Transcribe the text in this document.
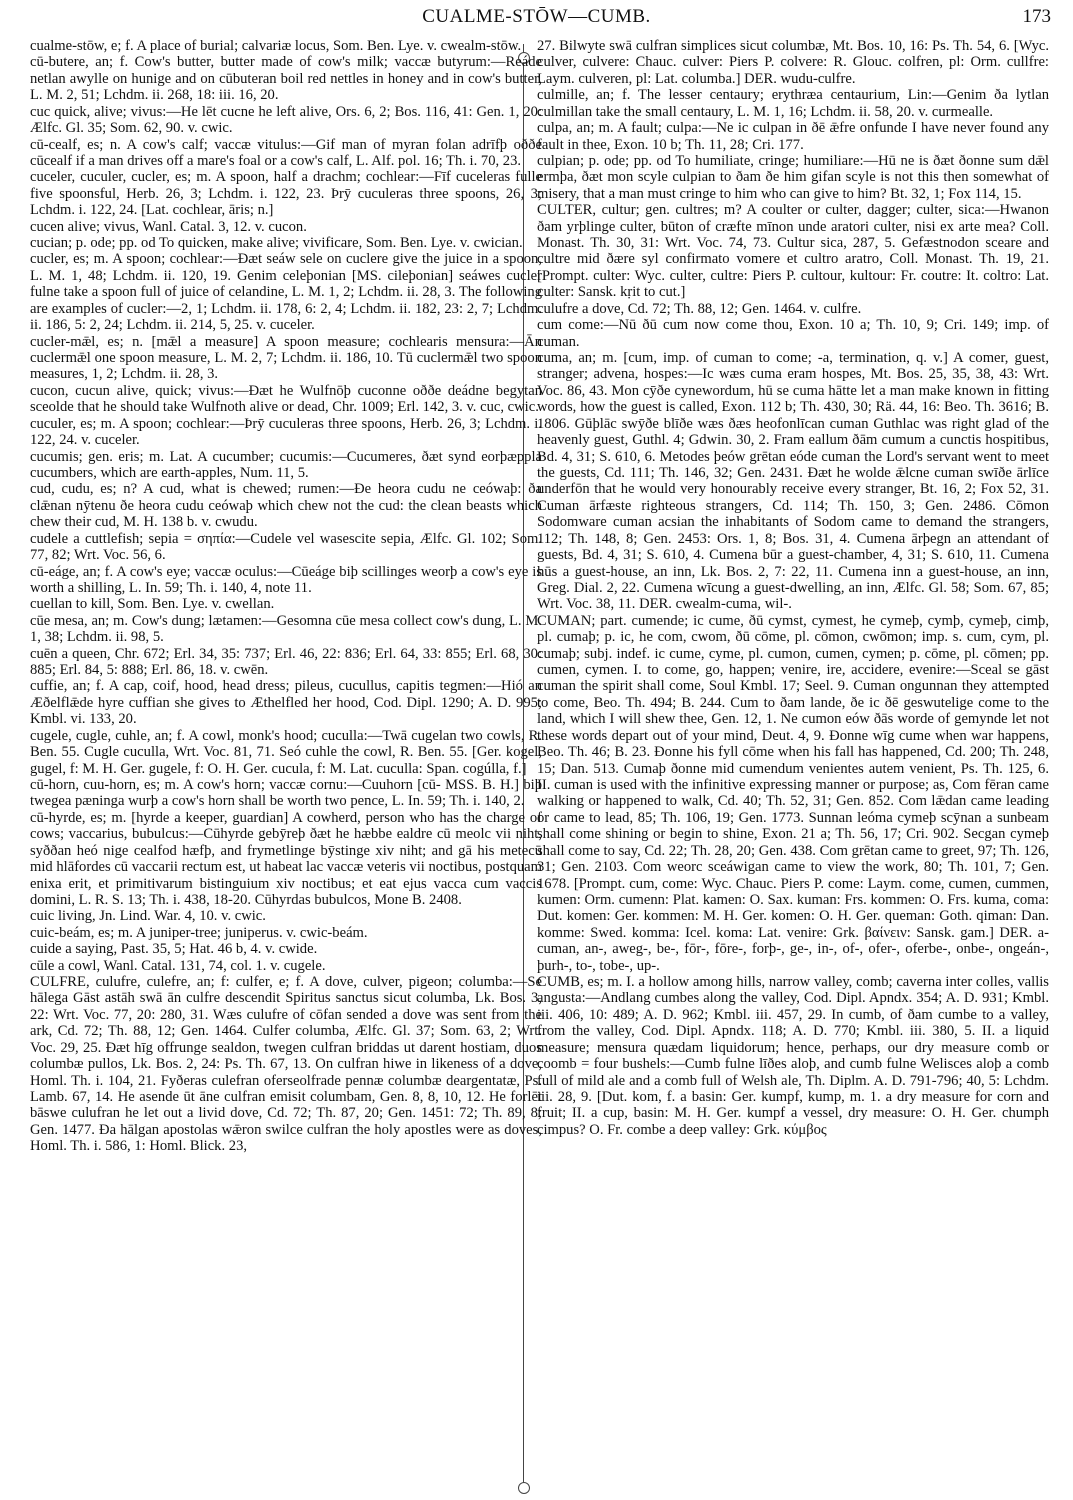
CUALME-STŌW—CUMB.	173

cualme-stōw, e; f. A place of burial; calvariæ locus, Som. Ben. Lye. v. cwealm-stōw.

cū-butere, an; f. Cow's butter, butter made of cow's milk; vaccæ butyrum:—Reáde netlan awylle on hunige and on cūbuteran boil red nettles in honey and in cow's butter, L. M. 2, 51; Lchdm. ii. 268, 18: iii. 16, 20.

cuc quick, alive; vivus:—He lēt cucne he left alive, Ors. 6, 2; Bos. 116, 41: Gen. 1, 20: Ælfc. Gl. 35; Som. 62, 90. v. cwic.

cū-cealf, es; n. A cow's calf; vaccæ vitulus:—Gif man of myran folan adrīfþ oððe cūcealf if a man drives off a mare's foal or a cow's calf, L. Alf. pol. 16; Th. i. 70, 23.

cuceler, cuculer, cucler, es; m. A spoon, half a drachm; cochlear:—Fīf cuceleras fulle five spoonsful, Herb. 26, 3; Lchdm. i. 122, 23. Þrȳ cuculeras three spoons, 26, 3; Lchdm. i. 122, 24. [Lat. cochlear, āris; n.]

cucen alive; vivus, Wanl. Catal. 3, 12. v. cucon.

cucian; p. ode; pp. od To quicken, make alive; vivificare, Som. Ben. Lye. v. cwician.

cucler, es; m. A spoon; cochlear:—Ðæt seáw sele on cuclere give the juice in a spoon, L. M. 1, 48; Lchdm. ii. 120, 19. Genim celeþonian [MS. cileþonian] seáwes cucler fulne take a spoon full of juice of celandine, L. M. 1, 2; Lchdm. ii. 28, 3. The following are examples of cucler:—2, 1; Lchdm. ii. 178, 6: 2, 4; Lchdm. ii. 182, 23: 2, 7; Lchdm. ii. 186, 5: 2, 24; Lchdm. ii. 214, 5, 25. v. cuceler.

cucler-mǣl, es; n. [mǣl a measure] A spoon measure; cochlearis mensura:—Ān cuclermǣl one spoon measure, L. M. 2, 7; Lchdm. ii. 186, 10. Tū cuclermǣl two spoon measures, 1, 2; Lchdm. ii. 28, 3.

cucon, cucun alive, quick; vivus:—Ðæt he Wulfnōþ cuconne oððe deádne begytan sceolde that he should take Wulfnoth alive or dead, Chr. 1009; Erl. 142, 3. v. cuc, cwic.

cuculer, es; m. A spoon; cochlear:—Þrȳ cuculeras three spoons, Herb. 26, 3; Lchdm. i. 122, 24. v. cuceler.

cucumis; gen. eris; m. Lat. A cucumber; cucumis:—Cucumeres, ðæt synd eorþæppla cucumbers, which are earth-apples, Num. 11, 5.

cud, cudu, es; n? A cud, what is chewed; rumen:—Ðe heora cudu ne ceówaþ: ða clǣnan nȳtenu ðe heora cudu ceówaþ which chew not the cud: the clean beasts which chew their cud, M. H. 138 b. v. cwudu.

cudele a cuttlefish; sepia = σηπία:—Cudele vel wasescite sepia, Ælfc. Gl. 102; Som. 77, 82; Wrt. Voc. 56, 6.

cū-eáge, an; f. A cow's eye; vaccæ oculus:—Cūeáge biþ scillinges weorþ a cow's eye is worth a shilling, L. In. 59; Th. i. 140, 4, note 11.

cuellan to kill, Som. Ben. Lye. v. cwellan.

cūe mesa, an; m. Cow's dung; lætamen:—Gesomna cūe mesa collect cow's dung, L. M. 1, 38; Lchdm. ii. 98, 5.

cuēn a queen, Chr. 672; Erl. 34, 35: 737; Erl. 46, 22: 836; Erl. 64, 33: 855; Erl. 68, 30: 885; Erl. 84, 5: 888; Erl. 86, 18. v. cwēn.

cuffie, an; f. A cap, coif, hood, head dress; pileus, cucullus, capitis tegmen:—Hió an Æðelflǣde hyre cuffian she gives to Æthelfled her hood, Cod. Dipl. 1290; A. D. 995; Kmbl. vi. 133, 20.

cugele, cugle, cuhle, an; f. A cowl, monk's hood; cuculla:—Twā cugelan two cowls, R. Ben. 55. Cugle cucullа, Wrt. Voc. 81, 71. Seó cuhle the cowl, R. Ben. 55. [Ger. kogel, gugel, f: M. H. Ger. gugele, f: O. H. Ger. cucula, f: M. Lat. cuculla: Span. cogúlla, f.]

cū-horn, cuu-horn, es; m. A cow's horn; vaccæ cornu:—Cuuhorn [cū- MSS. B. H.] biþ twegea pæninga wurþ a cow's horn shall be worth two pence, L. In. 59; Th. i. 140, 2.

cū-hyrde, es; m. [hyrde a keeper, guardian] A cowherd, person who has the charge of cows; vaccarius, bubulcus:—Cūhyrde gebȳreþ ðæt he hæbbe ealdre cū meolc vii niht, syððan heó nige cealfod hæfþ, and frymetlinge bȳstinge xiv niht; and gā his metecū mid hlāfordes cū vaccarii rectum est, ut habeat lac vaccæ veteris vii noctibus, postquam enixa erit, et primitivarum bistinguium xiv noctibus; et eat ejus vacca cum vaccis domini, L. R. S. 13; Th. i. 438, 18-20. Cūhyrdas bubulcos, Mone B. 2408.

cuic living, Jn. Lind. War. 4, 10. v. cwic.

cuic-beám, es; m. A juniper-tree; juniperus. v. cwic-beám.

cuide a saying, Past. 35, 5; Hat. 46 b, 4. v. cwide.

cūle a cowl, Wanl. Catal. 131, 74, col. 1. v. cugele.

CULFRE, culufre, culefre, an; f: culfer, e; f. A dove, culver, pigeon; columba:—Se hālega Gāst astāh swā ān culfre descendit Spiritus sanctus sicut columba, Lk. Bos. 3, 22: Wrt. Voc. 77, 20: 280, 31. Wæs culufre of cōfan sended a dove was sent from the ark, Cd. 72; Th. 88, 12; Gen. 1464. Culfer columba, Ælfc. Gl. 37; Som. 63, 2; Wrt. Voc. 29, 25. Ðæt hīg offrunge sealdon, twegen culfran briddas ut darent hostiam, duos columbæ pullos, Lk. Bos. 2, 24: Ps. Th. 67, 13. On culfran hiwe in likeness of a dove, Homl. Th. i. 104, 21. Fyðeras culefran oferseolfrade pennæ columbæ deargentatæ, Ps. Lamb. 67, 14. He asende ūt āne culfran emisit columbam, Gen. 8, 8, 10, 12. He forlēt bāswe culufran he let out a livid dove, Cd. 72; Th. 87, 20; Gen. 1451: 72; Th. 89, 8; Gen. 1477. Ða hālgan apostolas wǣron swilce culfran the holy apostles were as doves, Homl. Th. i. 586, 1: Homl. Blick. 23,

27. Bilwyte swā culfran simplices sicut columbæ, Mt. Bos. 10, 16: Ps. Th. 54, 6. [Wyc. culver, culvere: Chauc. culver: Piers P. colvere: R. Glouc. colfren, pl: Orm. cullfre: Laym. culveren, pl: Lat. columba.] DER. wudu-culfre.

culmille, an; f. The lesser centaury; erythræa centaurium, Lin:—Genim ða lytlan culmillan take the small centaury, L. M. 1, 16; Lchdm. ii. 58, 20. v. curmealle.

culpa, an; m. A fault; culpa:—Ne ic culpan in ðē ǣfre onfunde I have never found any fault in thee, Exon. 10 b; Th. 11, 28; Cri. 177.

culpian; p. ode; pp. od To humiliate, cringe; humiliare:—Hū ne is ðæt ðonne sum dǣl ermþa, ðæt mon scyle culpian to ðam ðe him gifan scyle is not this then somewhat of misery, that a man must cringe to him who can give to him? Bt. 32, 1; Fox 114, 15.

CULTER, cultur; gen. cultres; m? A coulter or culter, dagger; culter, sica:—Hwanon ðam yrþlinge culter, būton of cræfte mīnon unde aratori culter, nisi ex arte mea? Coll. Monast. Th. 30, 31: Wrt. Voc. 74, 73. Cultur sica, 287, 5. Gefæstnodon sceare and cultre mid ðære syl confirmato vomere et cultro aratro, Coll. Monast. Th. 19, 21. [Prompt. culter: Wyc. culter, cultre: Piers P. cultour, kultour: Fr. coutre: It. coltro: Lat. culter: Sansk. kṛit to cut.]

culufre a dove, Cd. 72; Th. 88, 12; Gen. 1464. v. culfre.

cum come:—Nū ðū cum now come thou, Exon. 10 a; Th. 10, 9; Cri. 149; imp. of cuman.

cuma, an; m. [cum, imp. of cuman to come; -a, termination, q. v.] A comer, guest, stranger; advena, hospes:—Ic wæs cuma eram hospes, Mt. Bos. 25, 35, 38, 43: Wrt. Voc. 86, 43. Mon cȳðe cynewordum, hū se cuma hātte let a man make known in fitting words, how the guest is called, Exon. 112 b; Th. 430, 30; Rä. 44, 16: Beo. Th. 3616; B. 1806. Gūþlāc swȳðe blīðe wæs ðæs heofonlīcan cuman Guthlac was right glad of the heavenly guest, Guthl. 4; Gdwin. 30, 2. Fram eallum ðām cumum a cunctis hospitibus, Bd. 4, 31; S. 610, 6. Metodes þeów grētan eóde cuman the Lord's servant went to meet the guests, Cd. 111; Th. 146, 32; Gen. 2431. Ðæt he wolde ǣlcne cuman swīðe ārlīce underfōn that he would very honourably receive every stranger, Bt. 16, 2; Fox 52, 31. Cuman ārfæste righteous strangers, Cd. 114; Th. 150, 3; Gen. 2486. Cōmon Sodomware cuman acsian the inhabitants of Sodom came to demand the strangers, 112; Th. 148, 8; Gen. 2453: Ors. 1, 8; Bos. 31, 4. Cumena ārþegn an attendant of guests, Bd. 4, 31; S. 610, 4. Cumena būr a guest-chamber, 4, 31; S. 610, 11. Cumena hūs a guest-house, an inn, Lk. Bos. 2, 7: 22, 11. Cumena inn a guest-house, an inn, Greg. Dial. 2, 22. Cumena wīcung a guest-dwelling, an inn, Ælfc. Gl. 58; Som. 67, 85; Wrt. Voc. 38, 11. DER. cwealm-cuma, wil-.

CUMAN; part. cumende; ic cume, ðū cymst, cymest, he cymeþ, cymþ, cymeþ, cimþ, pl. cumaþ; p. ic, he com, cwom, ðū cōme, pl. cōmon, cwōmon; imp. s. cum, cym, pl. cumaþ; subj. indef. ic cume, cyme, pl. cumon, cumen, cymen; p. cōme, pl. cōmen; pp. cumen, cymen. I. to come, go, happen; venire, ire, accidere, evenire:—Sceal se gāst cuman the spirit shall come, Soul Kmbl. 17; Seel. 9. Cuman ongunnan they attempted to come, Beo. Th. 494; B. 244. Cum to ðam lande, ðe ic ðē geswutelige come to the land, which I will shew thee, Gen. 12, 1. Ne cumon eów ðās worde of gemynde let not these words depart out of your mind, Deut. 4, 9. Ðonne wīg cume when war happens, Beo. Th. 46; B. 23. Ðonne his fyll cōme when his fall has happened, Cd. 200; Th. 248, 15; Dan. 513. Cumaþ ðonne mid cumendum venientes autem venient, Ps. Th. 125, 6. II. cuman is used with the infinitive expressing manner or purpose; as, Com fēran came walking or happened to walk, Cd. 40; Th. 52, 31; Gen. 852. Com lǣdan came leading or came to lead, 85; Th. 106, 19; Gen. 1773. Sunnan leóma cymeþ scȳnan a sunbeam shall come shining or begin to shine, Exon. 21 a; Th. 56, 17; Cri. 902. Secgan cymeþ shall come to say, Cd. 22; Th. 28, 20; Gen. 438. Com grētan came to greet, 97; Th. 126, 31; Gen. 2103. Com weorc sceáwigan came to view the work, 80; Th. 101, 7; Gen. 1678. [Prompt. cum, come: Wyc. Chauc. Piers P. come: Laym. come, cumen, cummen, kumen: Orm. cumenn: Plat. kamen: O. Sax. kuman: Frs. kommen: O. Frs. kuma, coma: Dut. komen: Ger. kommen: M. H. Ger. komen: O. H. Ger. queman: Goth. qiman: Dan. komme: Swed. komma: Icel. koma: Lat. venire: Grk. βαίνειν: Sansk. gam.] DER. a-cuman, an-, aweg-, be-, fōr-, fōre-, forþ-, ge-, in-, of-, ofer-, oferbe-, onbe-, ongeán-, þurh-, to-, tobe-, up-.

CUMB, es; m. I. a hollow among hills, narrow valley, comb; caverna inter colles, vallis angusta:—Andlang cumbes along the valley, Cod. Dipl. Apndx. 354; A. D. 931; Kmbl. iii. 406, 10: 489; A. D. 962; Kmbl. iii. 457, 29. In cumb, of ðam cumbe to a valley, from the valley, Cod. Dipl. Apndx. 118; A. D. 770; Kmbl. iii. 380, 5. II. a liquid measure; mensura quædam liquidorum; hence, perhaps, our dry measure comb or coomb = four bushels:—Cumb fulne līðes aloþ, and cumb fulne Welisces aloþ a comb full of mild ale and a comb full of Welsh ale, Th. Diplm. A. D. 791-796; 40, 5: Lchdm. iii. 28, 9. [Dut. kom, f. a basin: Ger. kumpf, kump, m. 1. a dry measure for corn and fruit; II. a cup, basin: M. H. Ger. kumpf a vessel, dry measure: O. H. Ger. chumph cimpus? O. Fr. combe a deep valley: Grk. κύμβος
